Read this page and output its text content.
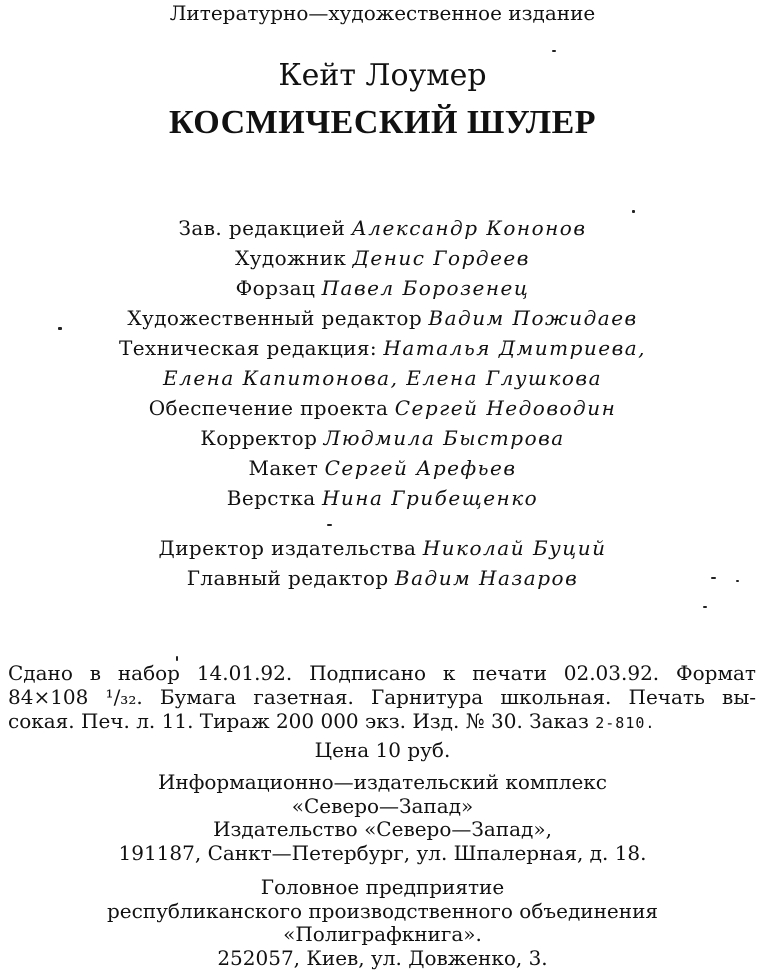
Литературно—художественное издание
Кейт Лоумер
КОСМИЧЕСКИЙ ШУЛЕР
Зав. редакцией Александр Кононов
Художник Денис Гордеев
Форзац Павел Борозенец
Художественный редактор Вадим Пожидаев
Техническая редакция: Наталья Дмитриева,
Елена Капитонова, Елена Глушкова
Обеспечение проекта Сергей Недоводин
Корректор Людмила Быстрова
Макет Сергей Арефьев
Верстка Нина Грибещенко
Директор издательства Николай Буций
Главный редактор Вадим Назаров
Сдано в набор 14.01.92. Подписано к печати 02.03.92. Формат
84×108 ¹/₃₂. Бумага газетная. Гарнитура школьная. Печать вы-
сокая. Печ. л. 11. Тираж 200 000 экз. Изд. № 30. Заказ 2-810.
Цена 10 руб.
Информационно—издательский комплекс
«Северо—Запад»
Издательство «Северо—Запад»,
191187, Санкт—Петербург, ул. Шпалерная, д. 18.
Головное предприятие
республиканского производственного объединения
«Полиграфкнига».
252057, Киев, ул. Довженко, 3.
